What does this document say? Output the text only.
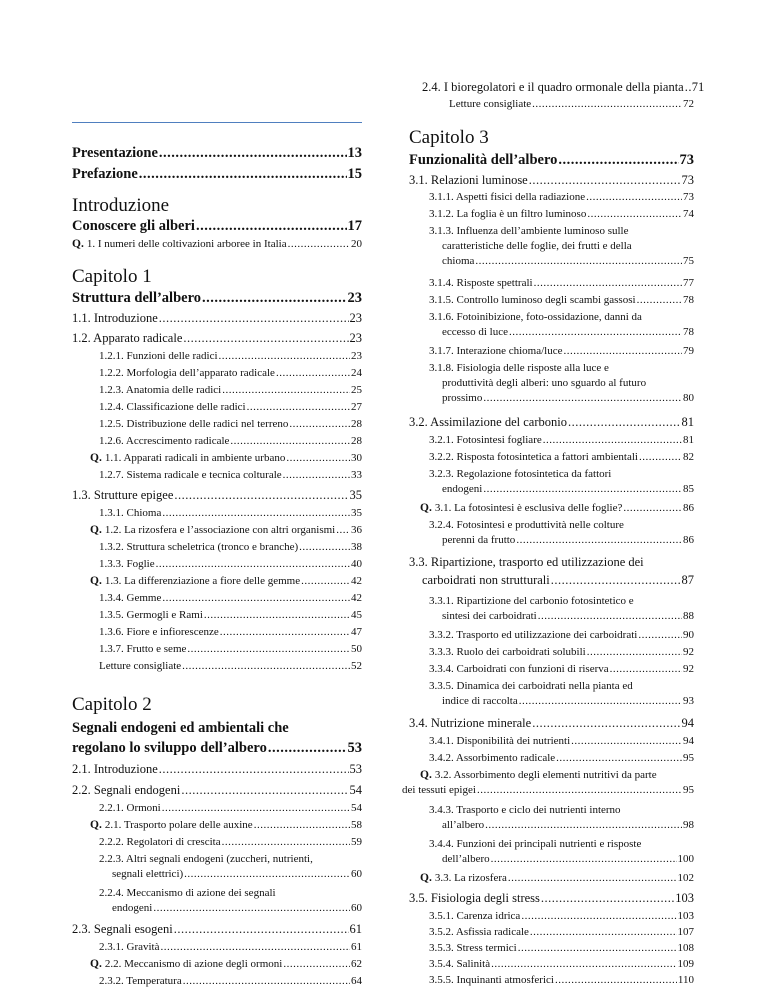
Presentazione .....	13
Prefazione .....	15
Introduzione
Conoscere gli alberi .....	17
Q. 1. I numeri delle coltivazioni arboree in Italia .....	20
Capitolo 1
Struttura dell’albero .....	23
1.1. Introduzione .....	23
1.2. Apparato radicale .....	23
1.2.1. Funzioni delle radici .....	23
1.2.2. Morfologia dell’apparato radicale .....	24
1.2.3. Anatomia delle radici .....	25
1.2.4. Classificazione delle radici .....	27
1.2.5. Distribuzione delle radici nel terreno .....	28
1.2.6. Accrescimento radicale .....	28
Q. 1.1. Apparati radicali in ambiente urbano .....	30
1.2.7. Sistema radicale e tecnica colturale .....	33
1.3. Strutture epigee .....	35
1.3.1. Chioma .....	35
Q. 1.2. La rizosfera e l’associazione con altri organismi ..... 36
1.3.2. Struttura scheletrica (tronco e branche) .....	38
1.3.3. Foglie .....	40
Q. 1.3. La differenziazione a fiore delle gemme .....	42
1.3.4. Gemme .....	42
1.3.5. Germogli e Rami .....	45
1.3.6. Fiore e infiorescenze .....	47
1.3.7. Frutto e seme .....	50
Letture consigliate .....	52
Capitolo 2
Segnali endogeni ed ambientali che
regolano lo sviluppo dell’albero .....	53
2.1. Introduzione .....	53
2.2. Segnali endogeni .....	54
2.2.1. Ormoni .....	54
Q. 2.1. Trasporto polare delle auxine .....	58
2.2.2. Regolatori di crescita .....	59
2.2.3. Altri segnali endogeni (zuccheri, nutrienti,
segnali elettrici) .....	60
2.2.4. Meccanismo di azione dei segnali
endogeni .....	60
2.3. Segnali esogeni .....	61
2.3.1. Gravità .....	61
Q. 2.2. Meccanismo di azione degli ormoni .....	62
2.3.2. Temperatura .....	64
2.4. I bioregolatori e il quadro ormonale della pianta ..... 71
Letture consigliate .....	72
Capitolo 3
Funzionalità dell’albero .....	73
3.1. Relazioni luminose .....	73
3.1.1. Aspetti fisici della radiazione .....	73
3.1.2. La foglia è un filtro luminoso .....	74
3.1.3. Influenza dell’ambiente luminoso sulle
caratteristiche delle foglie, dei frutti e della
chioma .....	75
3.1.4. Risposte spettrali .....	77
3.1.5. Controllo luminoso degli scambi gassosi .....	78
3.1.6. Fotoinibizione, foto-ossidazione, danni da
eccesso di luce .....	78
3.1.7. Interazione chioma/luce .....	79
3.1.8. Fisiologia delle risposte alla luce e
produttività degli alberi: uno sguardo al futuro
prossimo .....	80
3.2. Assimilazione del carbonio .....	81
3.2.1. Fotosintesi fogliare .....	81
3.2.2. Risposta fotosintetica a fattori ambientali .....	82
3.2.3. Regolazione fotosintetica da fattori
endogeni .....	85
Q. 3.1. La fotosintesi è esclusiva delle foglie? .....	86
3.2.4. Fotosintesi e produttività nelle colture
perenni da frutto .....	86
3.3. Ripartizione, trasporto ed utilizzazione dei
carboidrati non strutturali .....	87
3.3.1. Ripartizione del carbonio fotosintetico e
sintesi dei carboidrati .....	88
3.3.2. Trasporto ed utilizzazione dei carboidrati .....	90
3.3.3. Ruolo dei carboidrati solubili .....	92
3.3.4. Carboidrati con funzioni di riserva .....	92
3.3.5. Dinamica dei carboidrati nella pianta ed
indice di raccolta .....	93
3.4. Nutrizione minerale .....	94
3.4.1. Disponibilità dei nutrienti .....	94
3.4.2. Assorbimento radicale .....	95
Q. 3.2. Assorbimento degli elementi nutritivi da parte
dei tessuti epigei .....	95
3.4.3. Trasporto e ciclo dei nutrienti interno
all’albero .....	98
3.4.4. Funzioni dei principali nutrienti e risposte
dell’albero .....	100
Q. 3.3. La rizosfera .....	102
3.5. Fisiologia degli stress .....	103
3.5.1. Carenza idrica .....	103
3.5.2. Asfissia radicale .....	107
3.5.3. Stress termici .....	108
3.5.4. Salinità .....	109
3.5.5. Inquinanti atmosferici .....	110
